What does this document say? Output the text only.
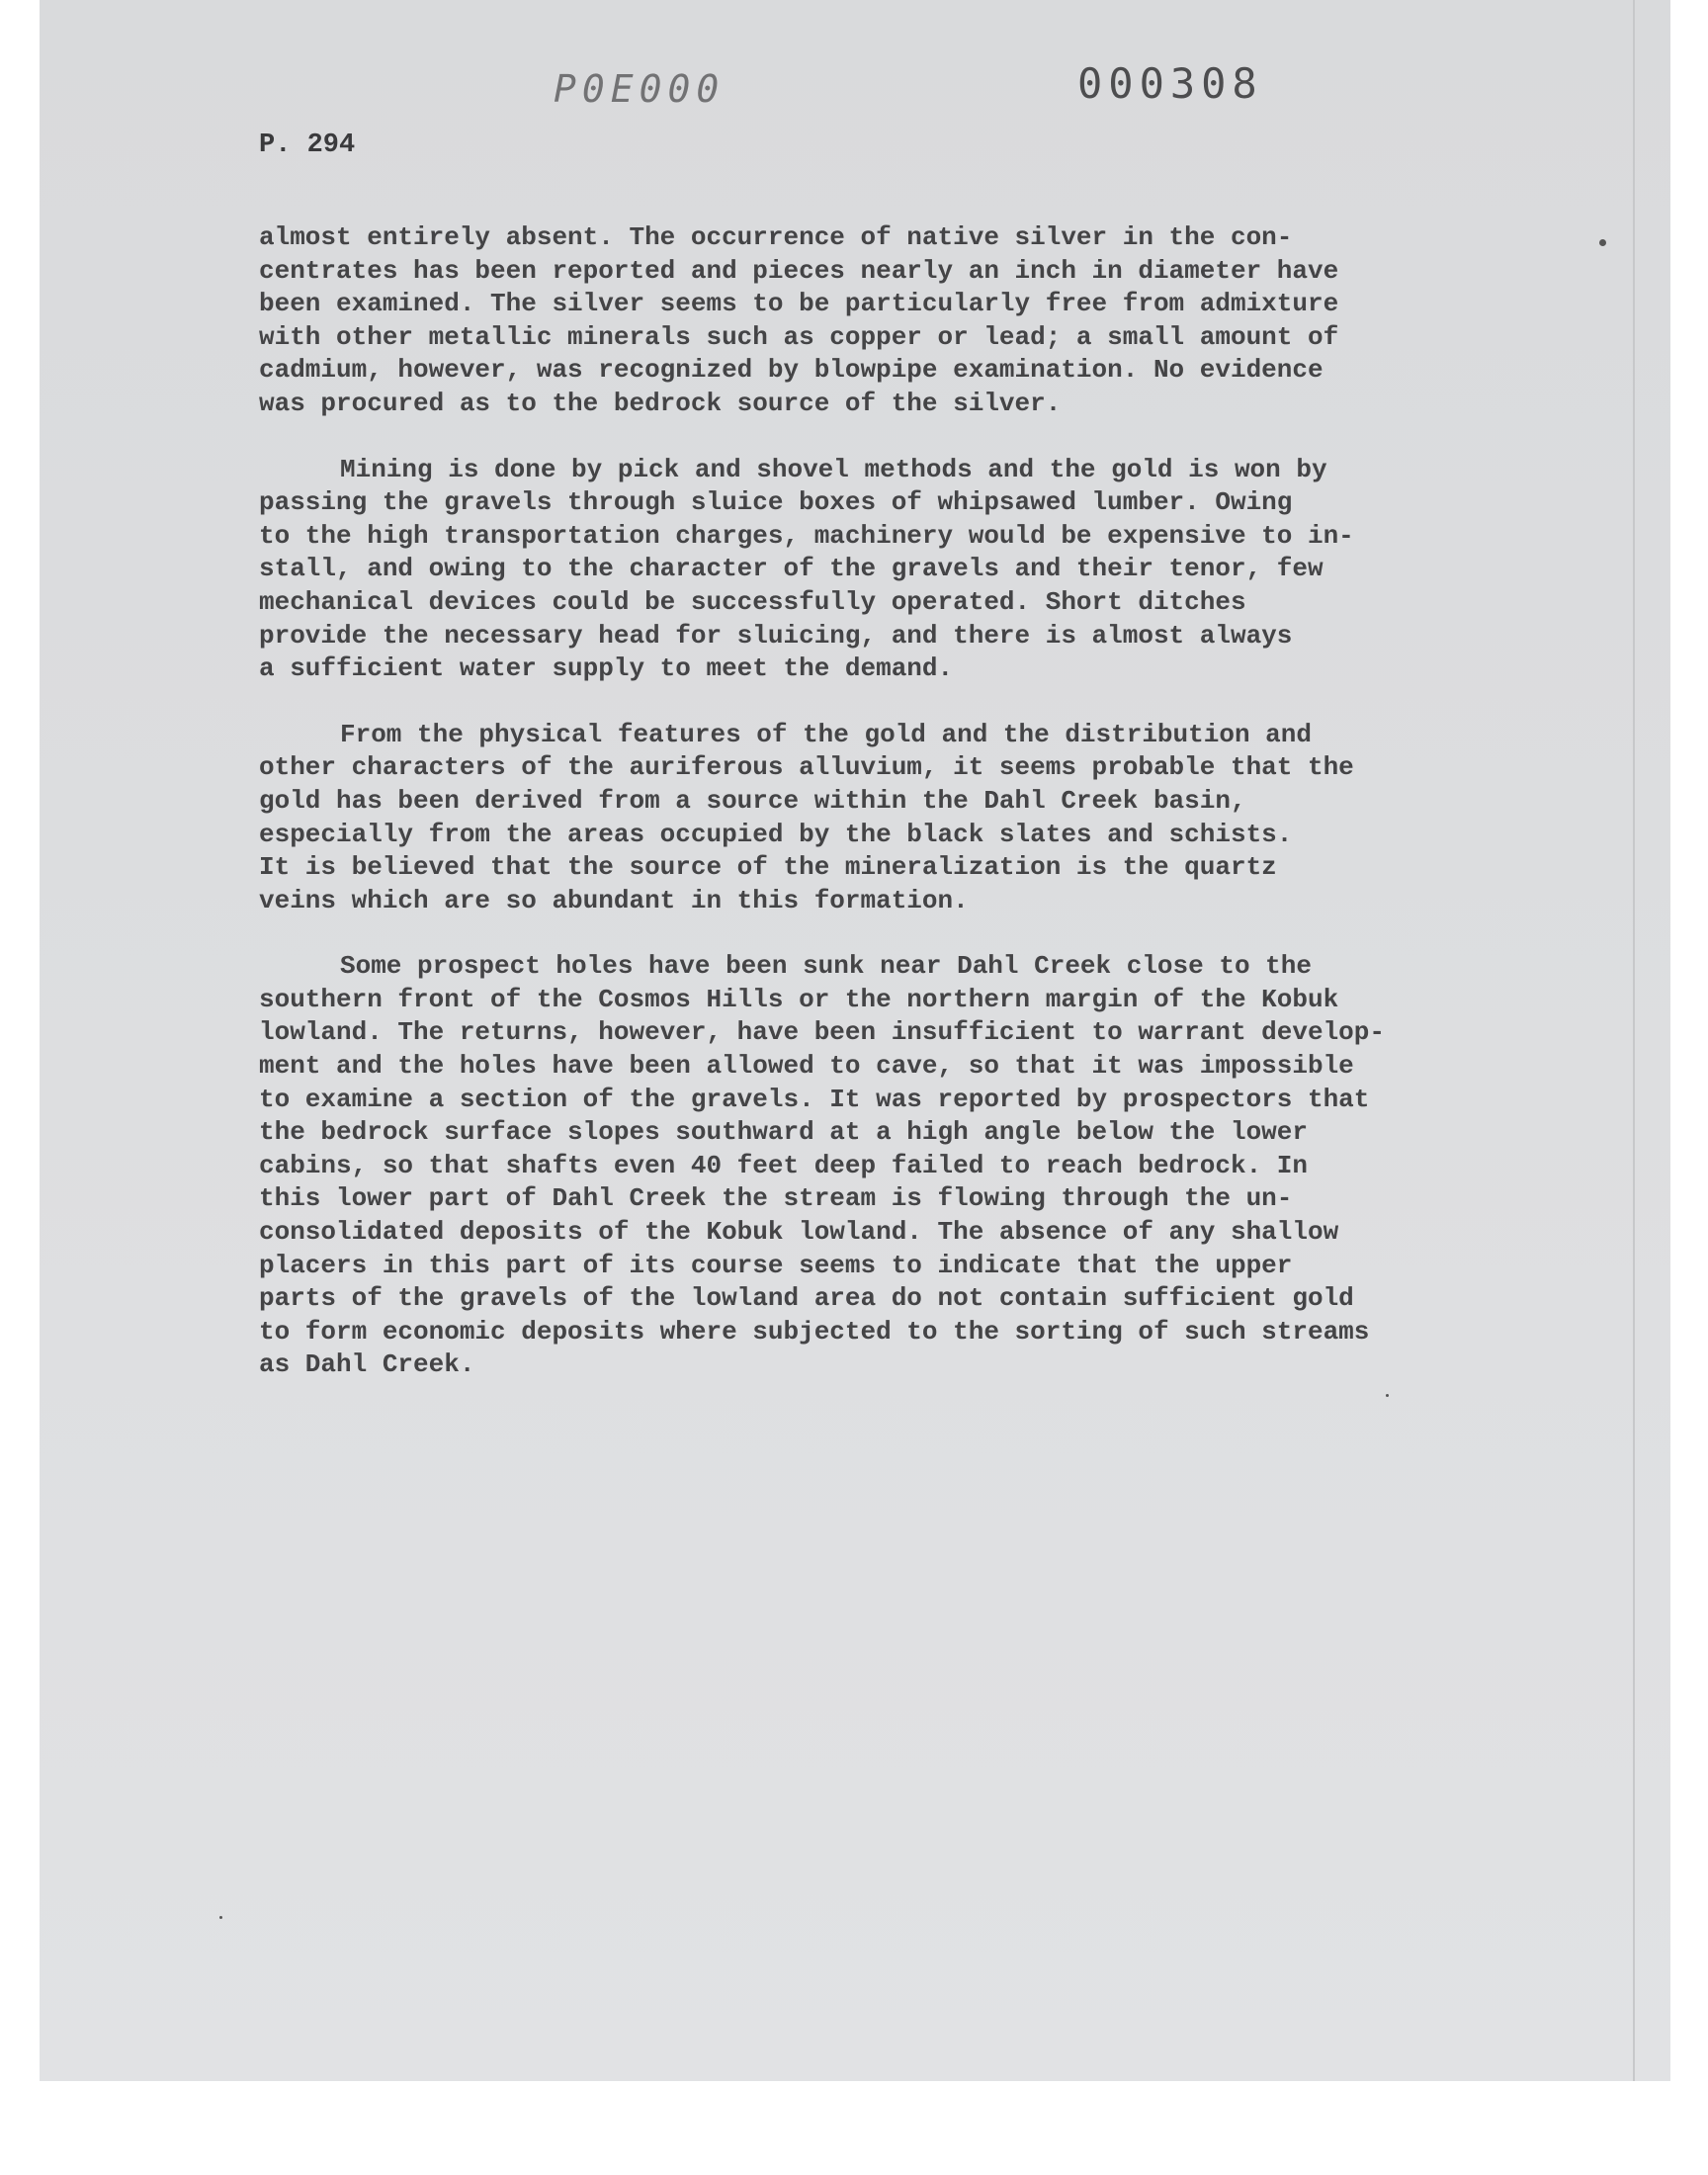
P0E000	000308
P. 294
almost entirely absent. The occurrence of native silver in the con-
centrates has been reported and pieces nearly an inch in diameter have
been examined. The silver seems to be particularly free from admixture
with other metallic minerals such as copper or lead; a small amount of
cadmium, however, was recognized by blowpipe examination. No evidence
was procured as to the bedrock source of the silver.
Mining is done by pick and shovel methods and the gold is won by
passing the gravels through sluice boxes of whipsawed lumber. Owing
to the high transportation charges, machinery would be expensive to in-
stall, and owing to the character of the gravels and their tenor, few
mechanical devices could be successfully operated. Short ditches
provide the necessary head for sluicing, and there is almost always
a sufficient water supply to meet the demand.
From the physical features of the gold and the distribution and
other characters of the auriferous alluvium, it seems probable that the
gold has been derived from a source within the Dahl Creek basin,
especially from the areas occupied by the black slates and schists.
It is believed that the source of the mineralization is the quartz
veins which are so abundant in this formation.
Some prospect holes have been sunk near Dahl Creek close to the
southern front of the Cosmos Hills or the northern margin of the Kobuk
lowland. The returns, however, have been insufficient to warrant develop-
ment and the holes have been allowed to cave, so that it was impossible
to examine a section of the gravels. It was reported by prospectors that
the bedrock surface slopes southward at a high angle below the lower
cabins, so that shafts even 40 feet deep failed to reach bedrock. In
this lower part of Dahl Creek the stream is flowing through the un-
consolidated deposits of the Kobuk lowland. The absence of any shallow
placers in this part of its course seems to indicate that the upper
parts of the gravels of the lowland area do not contain sufficient gold
to form economic deposits where subjected to the sorting of such streams
as Dahl Creek.
